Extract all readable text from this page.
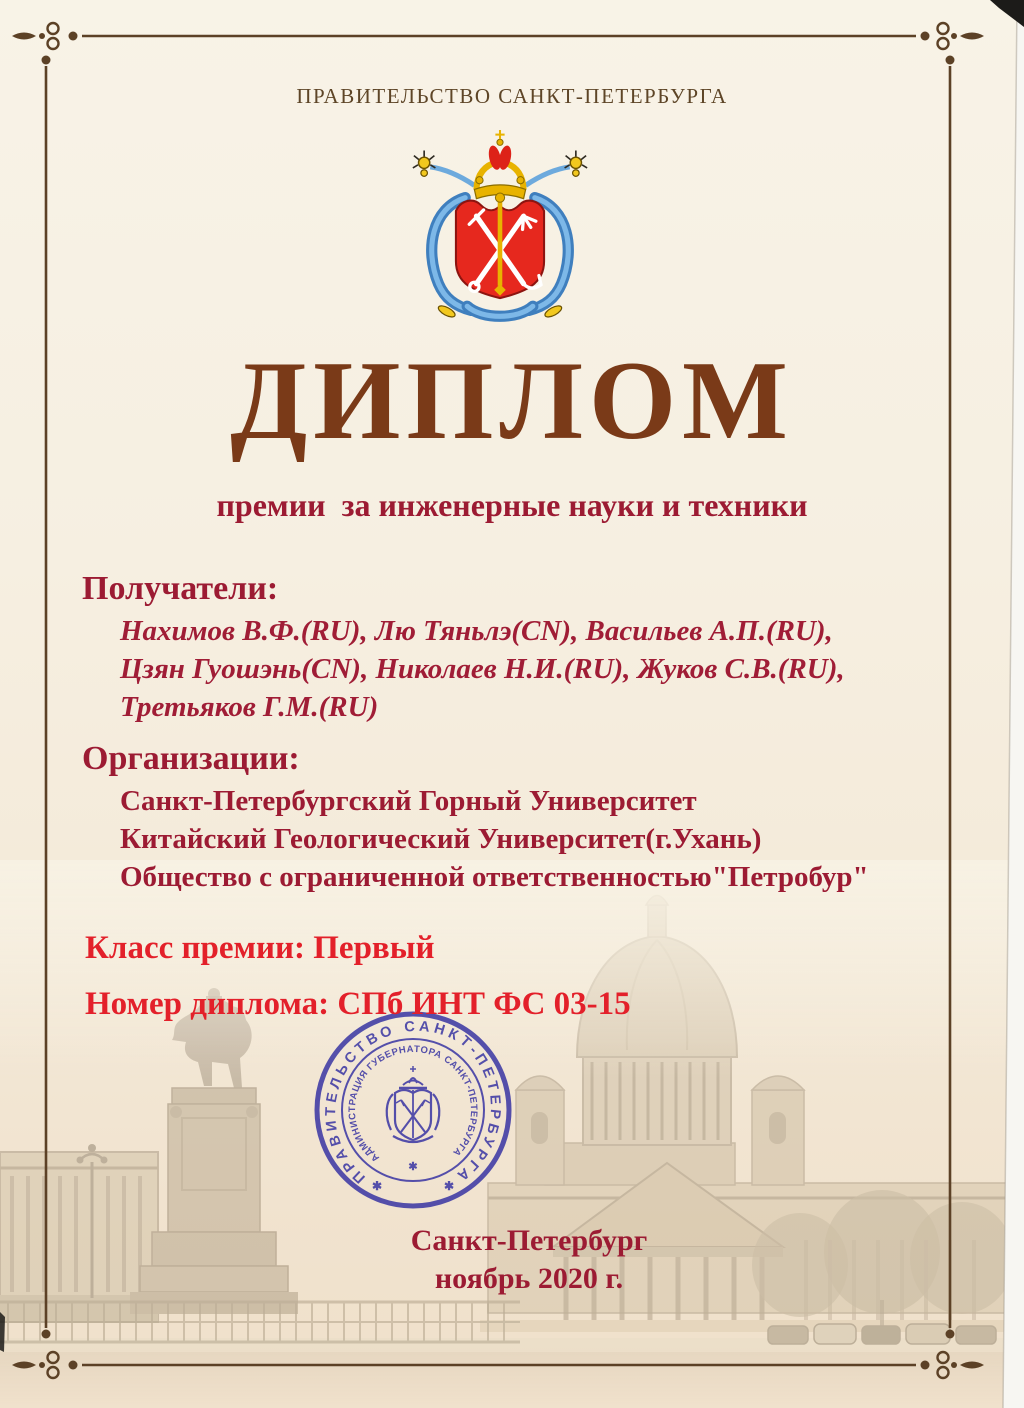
ПРАВИТЕЛЬСТВО САНКТ-ПЕТЕРБУРГА
ДИПЛОМ
премии  за инженерные науки и техники
Получатели:
Нахимов В.Ф.(RU), Лю Тяньлэ(CN), Васильев А.П.(RU),
Цзян Гуошэнь(CN), Николаев Н.И.(RU), Жуков С.В.(RU),
Третьяков Г.М.(RU)
Организации:
Санкт-Петербургский Горный Университет
Китайский Геологический Университет(г.Ухань)
Общество с ограниченной ответственностью"Петробур"
Класс премии: Первый
Номер диплома: СПб ИНТ ФС 03-15
ПРАВИТЕЛЬСТВО САНКТ-ПЕТЕРБУРГА
АДМИНИСТРАЦИЯ ГУБЕРНАТОРА САНКТ-ПЕТЕРБУРГА
✱	✱
✱
Санкт-Петербург
ноябрь 2020 г.
